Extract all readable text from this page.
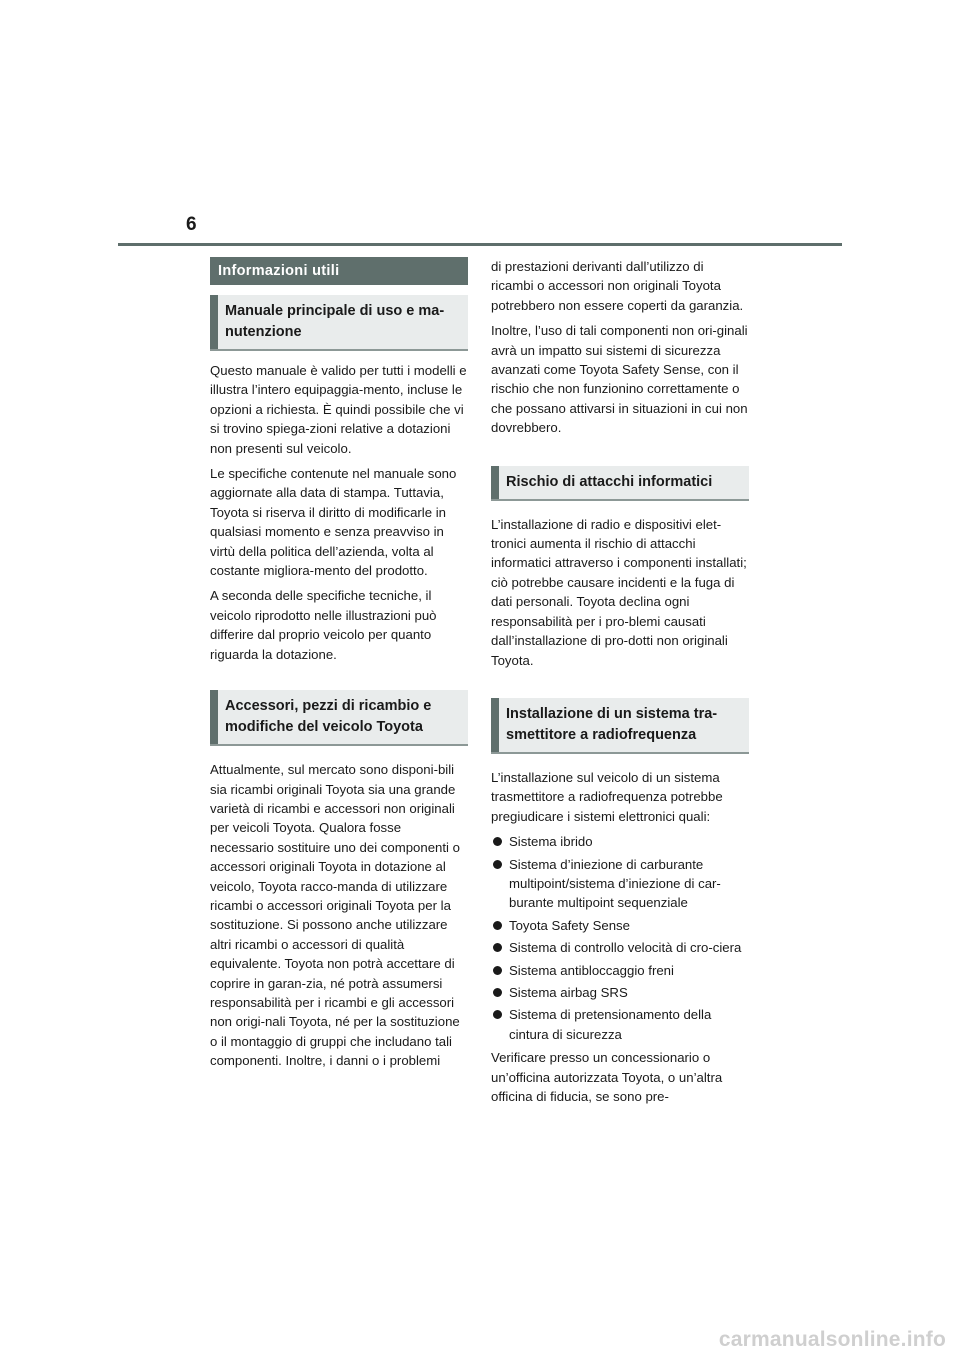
6
Informazioni utili
Manuale principale di uso e ma-nutenzione

Questo manuale è valido per tutti i modelli e illustra l’intero equipaggia-mento, incluse le opzioni a richiesta. È quindi possibile che vi si trovino spiega-zioni relative a dotazioni non presenti sul veicolo.

Le specifiche contenute nel manuale sono aggiornate alla data di stampa. Tuttavia, Toyota si riserva il diritto di modificarle in qualsiasi momento e senza preavviso in virtù della politica dell’azienda, volta al costante migliora-mento del prodotto.

A seconda delle specifiche tecniche, il veicolo riprodotto nelle illustrazioni può differire dal proprio veicolo per quanto riguarda la dotazione.

Accessori, pezzi di ricambio e modifiche del veicolo Toyota

Attualmente, sul mercato sono disponi-bili sia ricambi originali Toyota sia una grande varietà di ricambi e accessori non originali per veicoli Toyota. Qualora fosse necessario sostituire uno dei componenti o accessori originali Toyota in dotazione al veicolo, Toyota racco-manda di utilizzare ricambi o accessori originali Toyota per la sostituzione. Si possono anche utilizzare altri ricambi o accessori di qualità equivalente. Toyota non potrà accettare di coprire in garan-zia, né potrà assumersi responsabilità per i ricambi e gli accessori non origi-nali Toyota, né per la sostituzione o il montaggio di gruppi che includano tali componenti. Inoltre, i danni o i problemi

di prestazioni derivanti dall’utilizzo di ricambi o accessori non originali Toyota potrebbero non essere coperti da garanzia.

Inoltre, l’uso di tali componenti non ori-ginali avrà un impatto sui sistemi di sicurezza avanzati come Toyota Safety Sense, con il rischio che non funzionino correttamente o che possano attivarsi in situazioni in cui non dovrebbero.

Rischio di attacchi informatici

L’installazione di radio e dispositivi elet-tronici aumenta il rischio di attacchi informatici attraverso i componenti installati; ciò potrebbe causare incidenti e la fuga di dati personali. Toyota declina ogni responsabilità per i pro-blemi causati dall’installazione di pro-dotti non originali Toyota.

Installazione di un sistema tra-smettitore a radiofrequenza

L’installazione sul veicolo di un sistema trasmettitore a radiofrequenza potrebbe pregiudicare i sistemi elettronici quali:

Sistema ibrido
Sistema d’iniezione di carburante multipoint/sistema d’iniezione di car-burante multipoint sequenziale
Toyota Safety Sense
Sistema di controllo velocità di cro-ciera
Sistema antibloccaggio freni
Sistema airbag SRS
Sistema di pretensionamento della cintura di sicurezza

Verificare presso un concessionario o un’officina autorizzata Toyota, o un’altra officina di fiducia, se sono pre-

carmanualsonline.info
